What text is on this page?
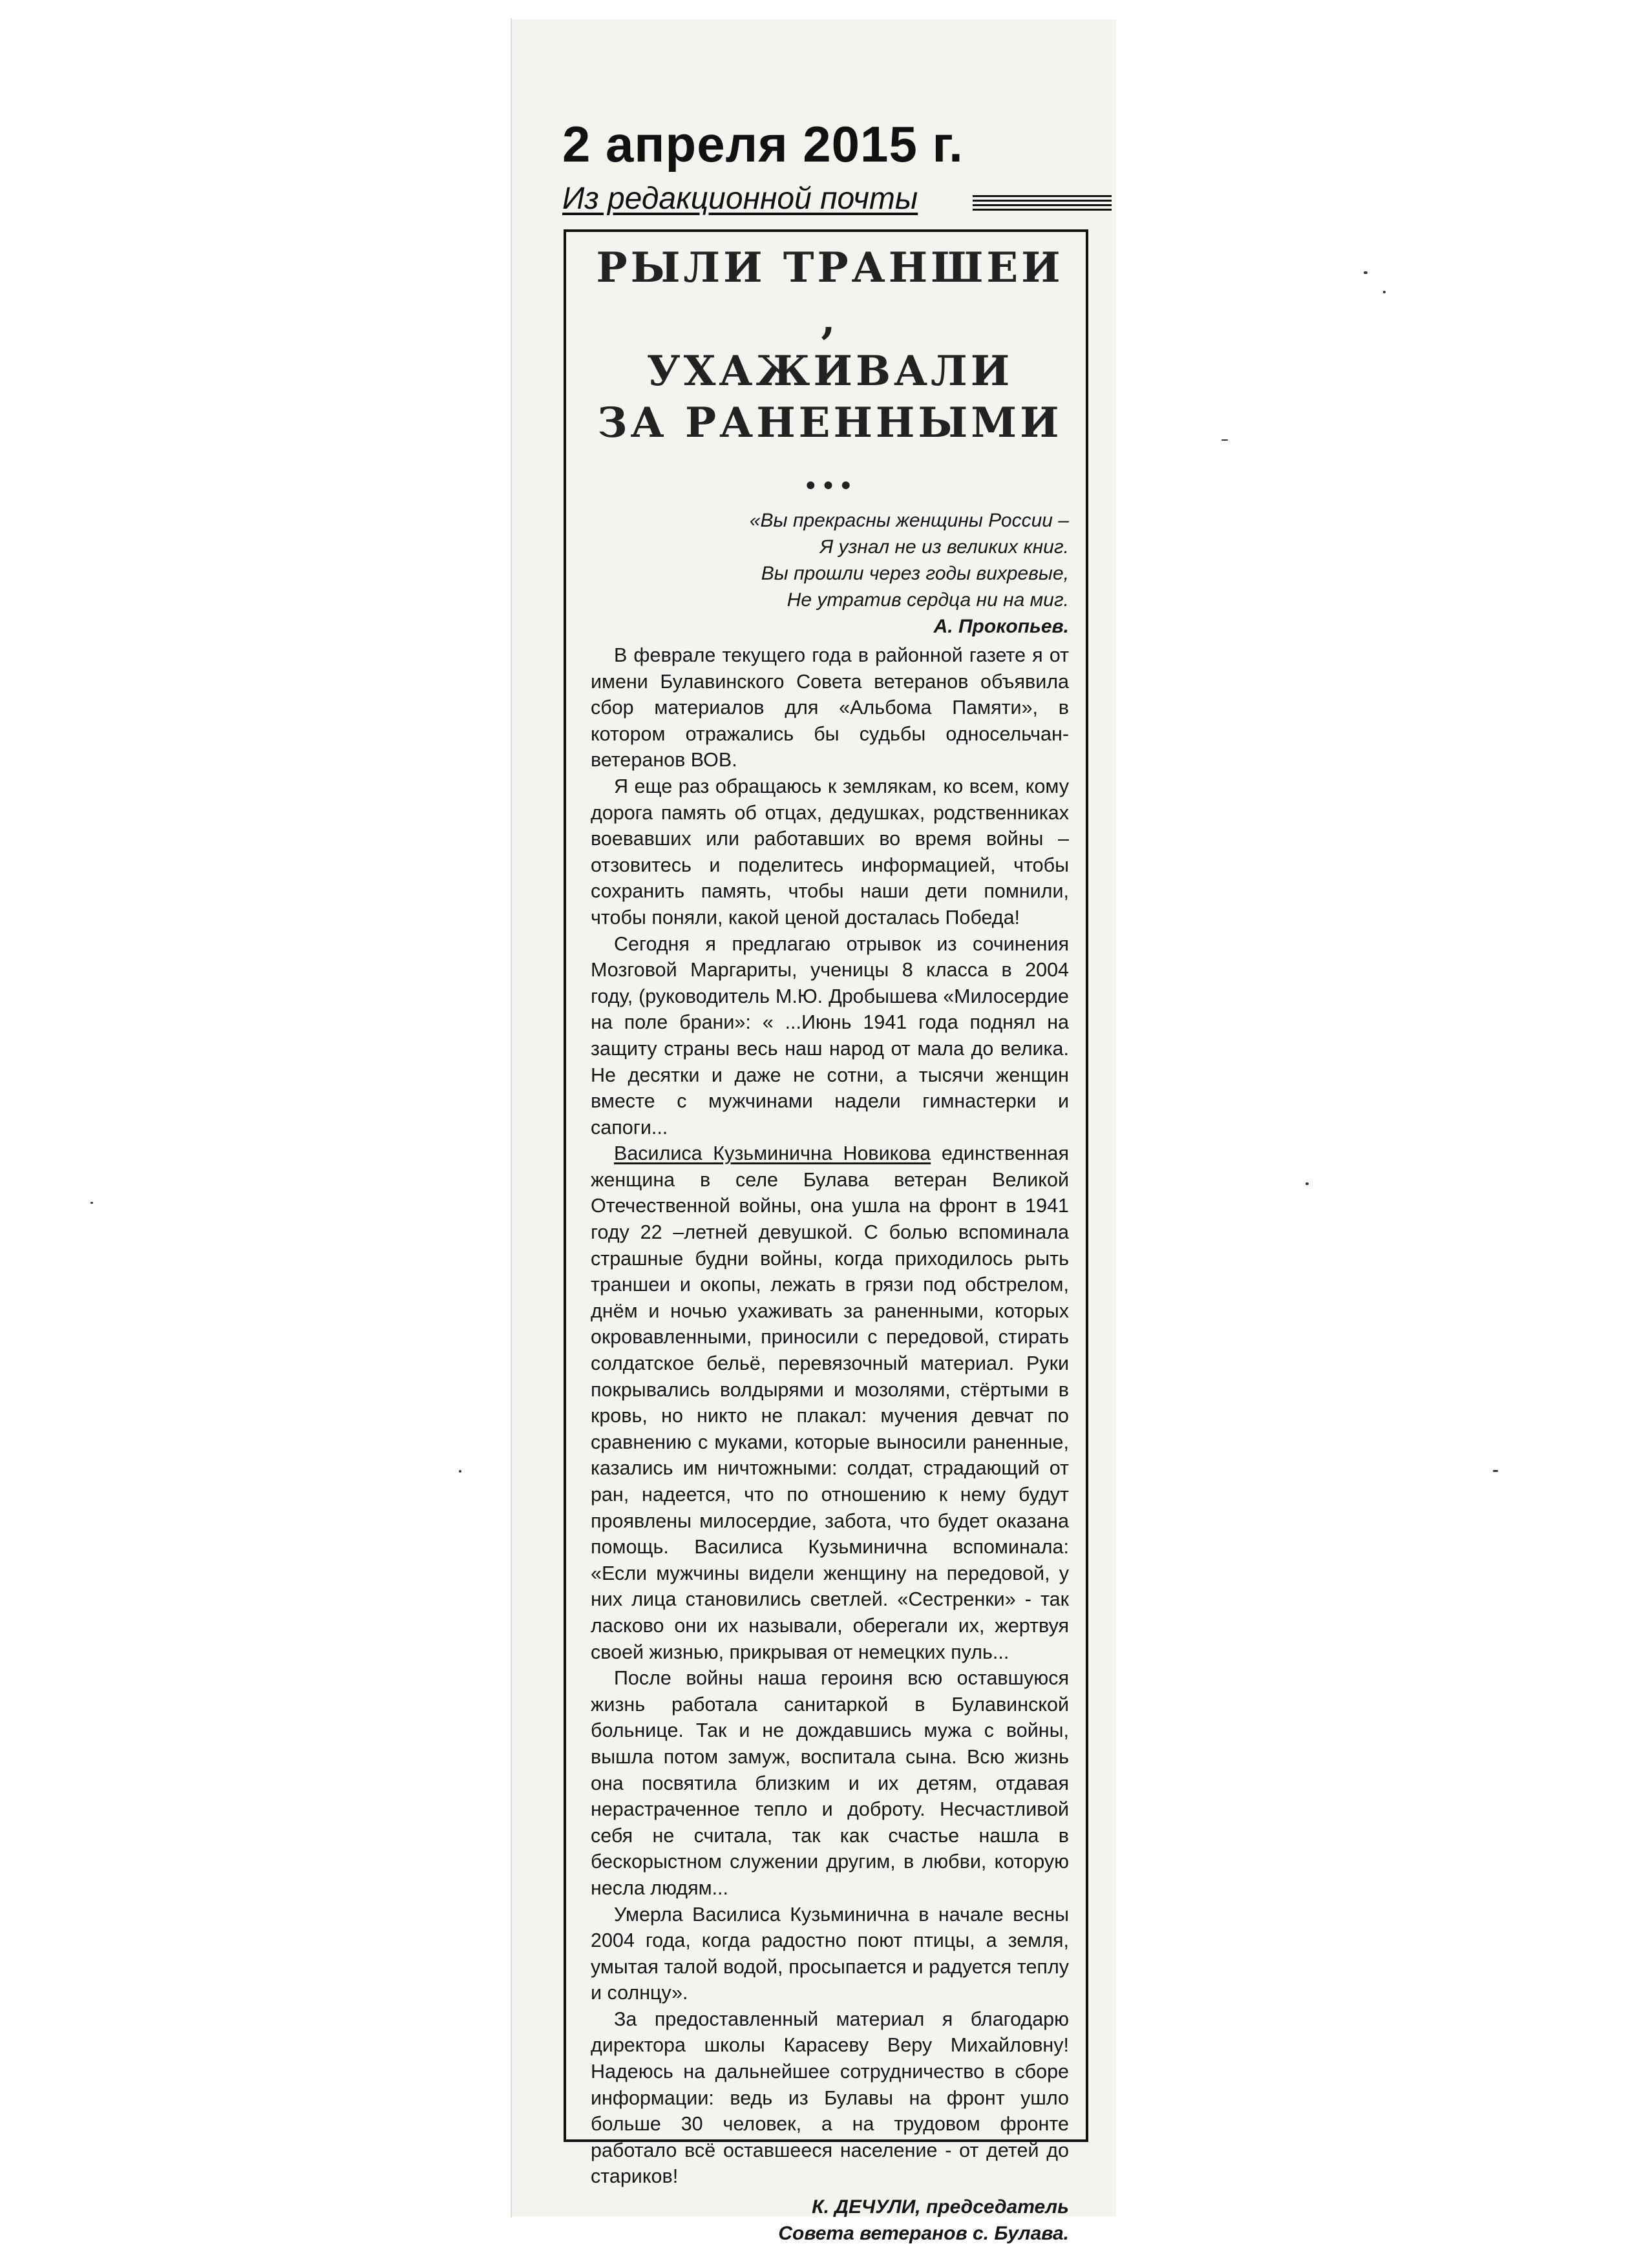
2 апреля 2015 г.
Из редакционной почты
РЫЛИ ТРАНШЕИ ,
УХАЖИВАЛИ
ЗА РАНЕННЫМИ ...
«Вы прекрасны женщины России –
Я узнал не из великих книг.
Вы прошли через годы вихревые,
Не утратив сердца ни на миг.
А. Прокопьев.

В феврале текущего года в районной газете я от имени Булавинского Совета ветеранов объявила сбор материалов для «Альбома Памяти», в котором отражались бы судьбы односельчан-ветеранов ВОВ.

Я еще раз обращаюсь к землякам, ко всем, кому дорога память об отцах, дедушках, родственниках воевавших или работавших во время войны – отзовитесь и поделитесь информацией, чтобы сохранить память, чтобы наши дети помнили, чтобы поняли, какой ценой досталась Победа!

Сегодня я предлагаю отрывок из сочинения Мозговой Маргариты, ученицы 8 класса в 2004 году, (руководитель М.Ю. Дробышева «Милосердие на поле брани»: « ...Июнь 1941 года поднял на защиту страны весь наш народ от мала до велика. Не десятки и даже не сотни, а тысячи женщин вместе с мужчинами надели гимнастерки и сапоги...

Василиса Кузьминична Новикова единственная женщина в селе Булава ветеран Великой Отечественной войны, она ушла на фронт в 1941 году 22 –летней девушкой. С болью вспоминала страшные будни войны, когда приходилось рыть траншеи и окопы, лежать в грязи под обстрелом, днём и ночью ухаживать за раненными, которых окровавленными, приносили с передовой, стирать солдатское бельё, перевязочный материал. Руки покрывались волдырями и мозолями, стёртыми в кровь, но никто не плакал: мучения девчат по сравнению с муками, которые выносили раненные, казались им ничтожными: солдат, страдающий от ран, надеется, что по отношению к нему будут проявлены милосердие, забота, что будет оказана помощь. Василиса Кузьминична вспоминала: «Если мужчины видели женщину на передовой, у них лица становились светлей. «Сестренки» - так ласково они их называли, оберегали их, жертвуя своей жизнью, прикрывая от немецких пуль...

После войны наша героиня всю оставшуюся жизнь работала санитаркой в Булавинской больнице. Так и не дождавшись мужа с войны, вышла потом замуж, воспитала сына. Всю жизнь она посвятила близким и их детям, отдавая нерастраченное тепло и доброту. Несчастливой себя не считала, так как счастье нашла в бескорыстном служении другим, в любви, которую несла людям...

Умерла Василиса Кузьминична в начале весны 2004 года, когда радостно поют птицы, а земля, умытая талой водой, просыпается и радуется теплу и солнцу».

За предоставленный материал я благодарю директора школы Карасеву Веру Михайловну! Надеюсь на дальнейшее сотрудничество в сборе информации: ведь из Булавы на фронт ушло больше 30 человек, а на трудовом фронте работало всё оставшееся население - от детей до стариков!

К. ДЕЧУЛИ, председатель
Совета ветеранов с. Булава.
